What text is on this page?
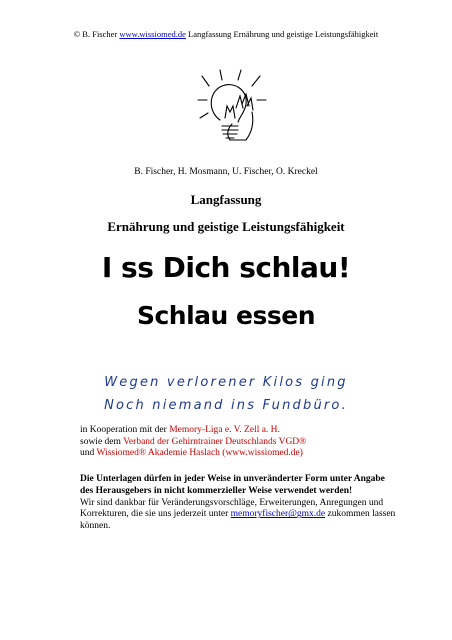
© B. Fischer www.wissiomed.de Langfassung Ernährung und geistige Leistungsfähigkeit
B. Fischer, H. Mosmann, U. Fischer, O. Kreckel
Langfassung
Ernährung und geistige Leistungsfähigkeit
I ss Dich schlau!
Schlau essen
Wegen verlorener Kilos ging
Noch niemand ins Fundbüro.
in Kooperation mit der Memory-Liga e. V. Zell a. H.
sowie dem Verband der Gehirntrainer Deutschlands VGD®
und Wissiomed® Akademie Haslach (www.wissiomed.de)
Die Unterlagen dürfen in jeder Weise in unveränderter Form unter Angabe des Herausgebers in nicht kommerzieller Weise verwendet werden!
Wir sind dankbar für Veränderungsvorschläge, Erweiterungen, Anregungen und Korrekturen, die sie uns jederzeit unter memoryfischer@gmx.de zukommen lassen können.
